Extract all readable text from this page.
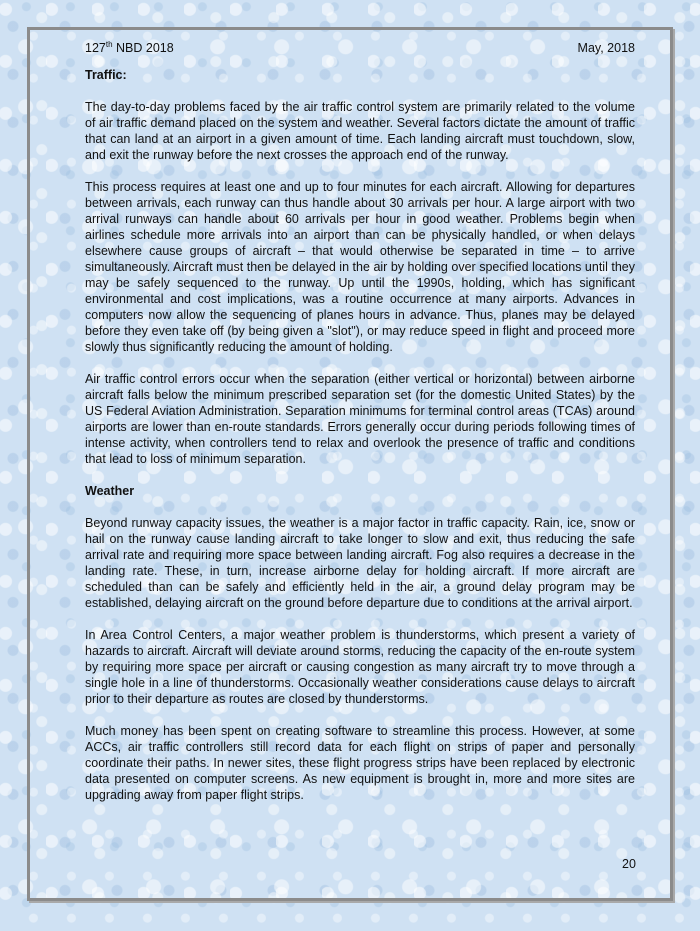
127th NBD 2018	May, 2018
Traffic:

The day-to-day problems faced by the air traffic control system are primarily related to the volume of air traffic demand placed on the system and weather. Several factors dictate the amount of traffic that can land at an airport in a given amount of time. Each landing aircraft must touchdown, slow, and exit the runway before the next crosses the approach end of the runway.

This process requires at least one and up to four minutes for each aircraft. Allowing for departures between arrivals, each runway can thus handle about 30 arrivals per hour. A large airport with two arrival runways can handle about 60 arrivals per hour in good weather. Problems begin when airlines schedule more arrivals into an airport than can be physically handled, or when delays elsewhere cause groups of aircraft – that would otherwise be separated in time – to arrive simultaneously. Aircraft must then be delayed in the air by holding over specified locations until they may be safely sequenced to the runway. Up until the 1990s, holding, which has significant environmental and cost implications, was a routine occurrence at many airports. Advances in computers now allow the sequencing of planes hours in advance. Thus, planes may be delayed before they even take off (by being given a "slot"), or may reduce speed in flight and proceed more slowly thus significantly reducing the amount of holding.

Air traffic control errors occur when the separation (either vertical or horizontal) between airborne aircraft falls below the minimum prescribed separation set (for the domestic United States) by the US Federal Aviation Administration. Separation minimums for terminal control areas (TCAs) around airports are lower than en-route standards. Errors generally occur during periods following times of intense activity, when controllers tend to relax and overlook the presence of traffic and conditions that lead to loss of minimum separation.

Weather

Beyond runway capacity issues, the weather is a major factor in traffic capacity. Rain, ice, snow or hail on the runway cause landing aircraft to take longer to slow and exit, thus reducing the safe arrival rate and requiring more space between landing aircraft. Fog also requires a decrease in the landing rate. These, in turn, increase airborne delay for holding aircraft. If more aircraft are scheduled than can be safely and efficiently held in the air, a ground delay program may be established, delaying aircraft on the ground before departure due to conditions at the arrival airport.

In Area Control Centers, a major weather problem is thunderstorms, which present a variety of hazards to aircraft. Aircraft will deviate around storms, reducing the capacity of the en-route system by requiring more space per aircraft or causing congestion as many aircraft try to move through a single hole in a line of thunderstorms. Occasionally weather considerations cause delays to aircraft prior to their departure as routes are closed by thunderstorms.

Much money has been spent on creating software to streamline this process. However, at some ACCs, air traffic controllers still record data for each flight on strips of paper and personally coordinate their paths. In newer sites, these flight progress strips have been replaced by electronic data presented on computer screens. As new equipment is brought in, more and more sites are upgrading away from paper flight strips.

20
